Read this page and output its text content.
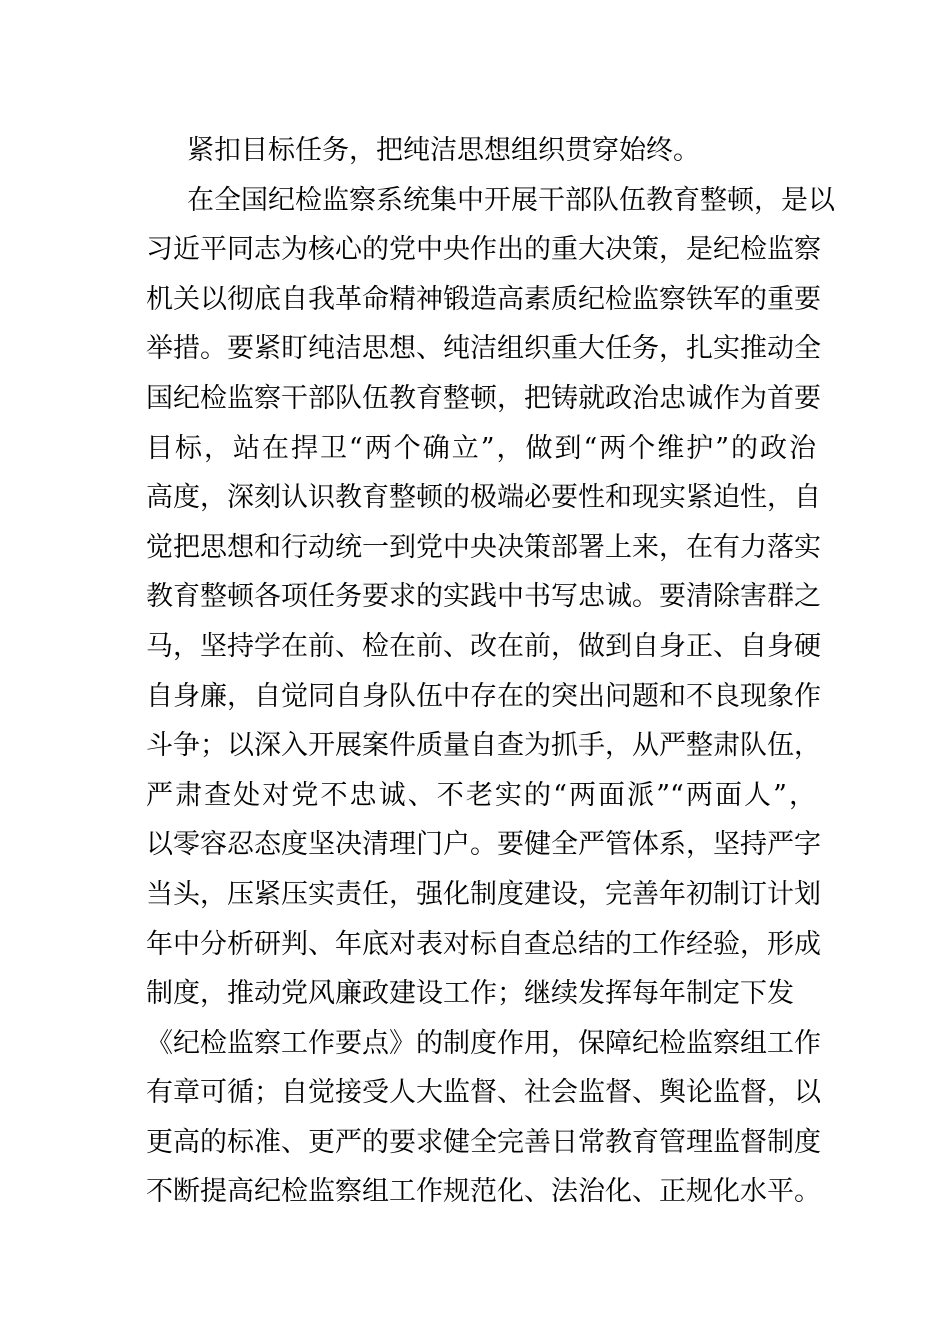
紧扣目标任务，把纯洁思想组织贯穿始终。
在全国纪检监察系统集中开展干部队伍教育整顿，是以
习近平同志为核心的党中央作出的重大决策，是纪检监察
机关以彻底自我革命精神锻造高素质纪检监察铁军的重要
举措。要紧盯纯洁思想、纯洁组织重大任务，扎实推动全
国纪检监察干部队伍教育整顿，把铸就政治忠诚作为首要
目标，站在捍卫“两个确立”，做到“两个维护”的政治
高度，深刻认识教育整顿的极端必要性和现实紧迫性，自
觉把思想和行动统一到党中央决策部署上来，在有力落实
教育整顿各项任务要求的实践中书写忠诚。要清除害群之
马，坚持学在前、检在前、改在前，做到自身正、自身硬
自身廉，自觉同自身队伍中存在的突出问题和不良现象作
斗争；以深入开展案件质量自查为抓手，从严整肃队伍，
严肃查处对党不忠诚、不老实的“两面派”“两面人”，
以零容忍态度坚决清理门户。要健全严管体系，坚持严字
当头，压紧压实责任，强化制度建设，完善年初制订计划
年中分析研判、年底对表对标自查总结的工作经验，形成
制度，推动党风廉政建设工作；继续发挥每年制定下发
《纪检监察工作要点》的制度作用，保障纪检监察组工作
有章可循；自觉接受人大监督、社会监督、舆论监督，以
更高的标准、更严的要求健全完善日常教育管理监督制度
不断提高纪检监察组工作规范化、法治化、正规化水平。
